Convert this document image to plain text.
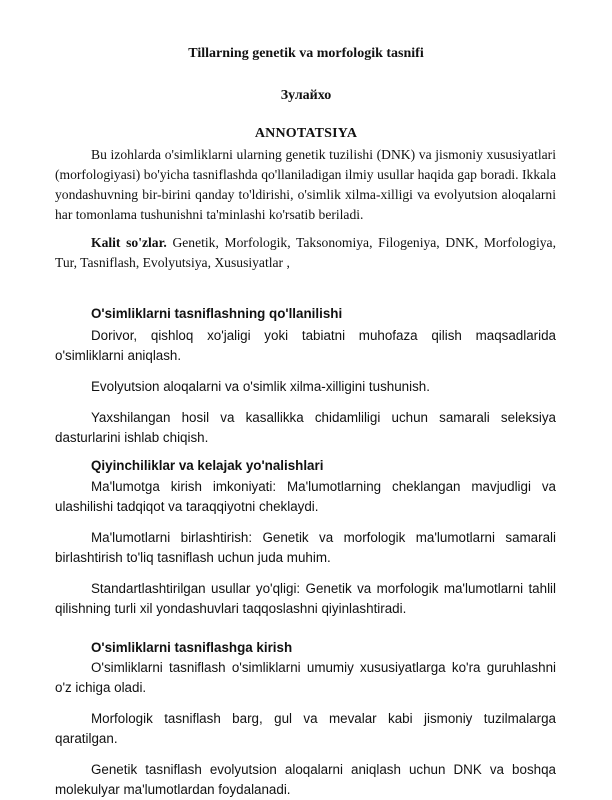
Tillarning genetik va morfologik tasnifi
Зулайхо
ANNOTATSIYA

Bu izohlarda o'simliklarni ularning genetik tuzilishi (DNK) va jismoniy xususiyatlari (morfologiyasi) bo'yicha tasniflashda qo'llaniladigan ilmiy usullar haqida gap boradi. Ikkala yondashuvning bir-birini qanday to'ldirishi, o'simlik xilma-xilligi va evolyutsion aloqalarni har tomonlama tushunishni ta'minlashi ko'rsatib beriladi.

Kalit so'zlar. Genetik, Morfologik, Taksonomiya, Filogeniya, DNK, Morfologiya, Tur, Tasniflash, Evolyutsiya, Xususiyatlar ,

O'simliklarni tasniflashning qo'llanilishi

Dorivor, qishloq xo'jaligi yoki tabiatni muhofaza qilish maqsadlarida o'simliklarni aniqlash.

Evolyutsion aloqalarni va o'simlik xilma-xilligini tushunish.

Yaxshilangan hosil va kasallikka chidamliligi uchun samarali seleksiya dasturlarini ishlab chiqish.

Qiyinchiliklar va kelajak yo'nalishlari

Ma'lumotga kirish imkoniyati: Ma'lumotlarning cheklangan mavjudligi va ulashilishi tadqiqot va taraqqiyotni cheklaydi.

Ma'lumotlarni birlashtirish: Genetik va morfologik ma'lumotlarni samarali birlashtirish to'liq tasniflash uchun juda muhim.

Standartlashtirilgan usullar yo'qligi: Genetik va morfologik ma'lumotlarni tahlil qilishning turli xil yondashuvlari taqqoslashni qiyinlashtiradi.

O'simliklarni tasniflashga kirish

O'simliklarni tasniflash o'simliklarni umumiy xususiyatlarga ko'ra guruhlashni o'z ichiga oladi.

Morfologik tasniflash barg, gul va mevalar kabi jismoniy tuzilmalarga qaratilgan.

Genetik tasniflash evolyutsion aloqalarni aniqlash uchun DNK va boshqa molekulyar ma'lumotlardan foydalanadi.
